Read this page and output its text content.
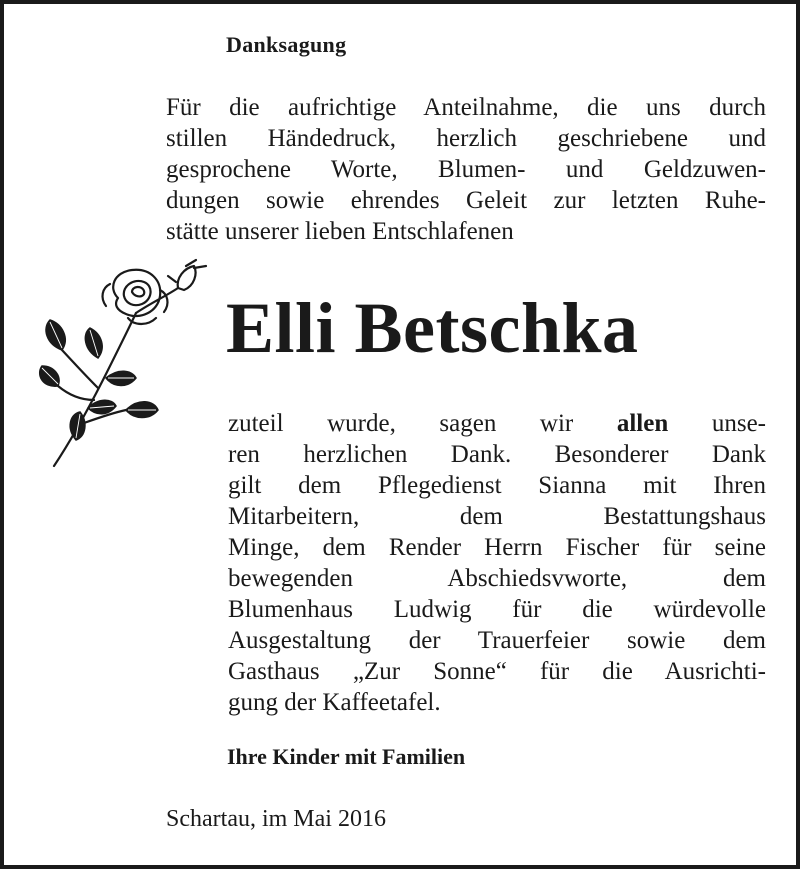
Danksagung
Für die aufrichtige Anteilnahme, die uns durch
stillen Händedruck, herzlich geschriebene und
gesprochene Worte, Blumen- und Geldzuwen-
dungen sowie ehrendes Geleit zur letzten Ruhe-
stätte unserer lieben Entschlafenen
Elli Betschka
zuteil wurde, sagen wir allen unse-
ren herzlichen Dank. Besonderer Dank
gilt dem Pflegedienst Sianna mit Ihren
Mitarbeitern, dem Bestattungshaus
Minge, dem Render Herrn Fischer für seine
bewegenden Abschiedsvworte, dem
Blumenhaus Ludwig für die würdevolle
Ausgestaltung der Trauerfeier sowie dem
Gasthaus „Zur Sonne“ für die Ausrichti-
gung der Kaffeetafel.

Ihre Kinder mit Familien

Schartau, im Mai 2016
